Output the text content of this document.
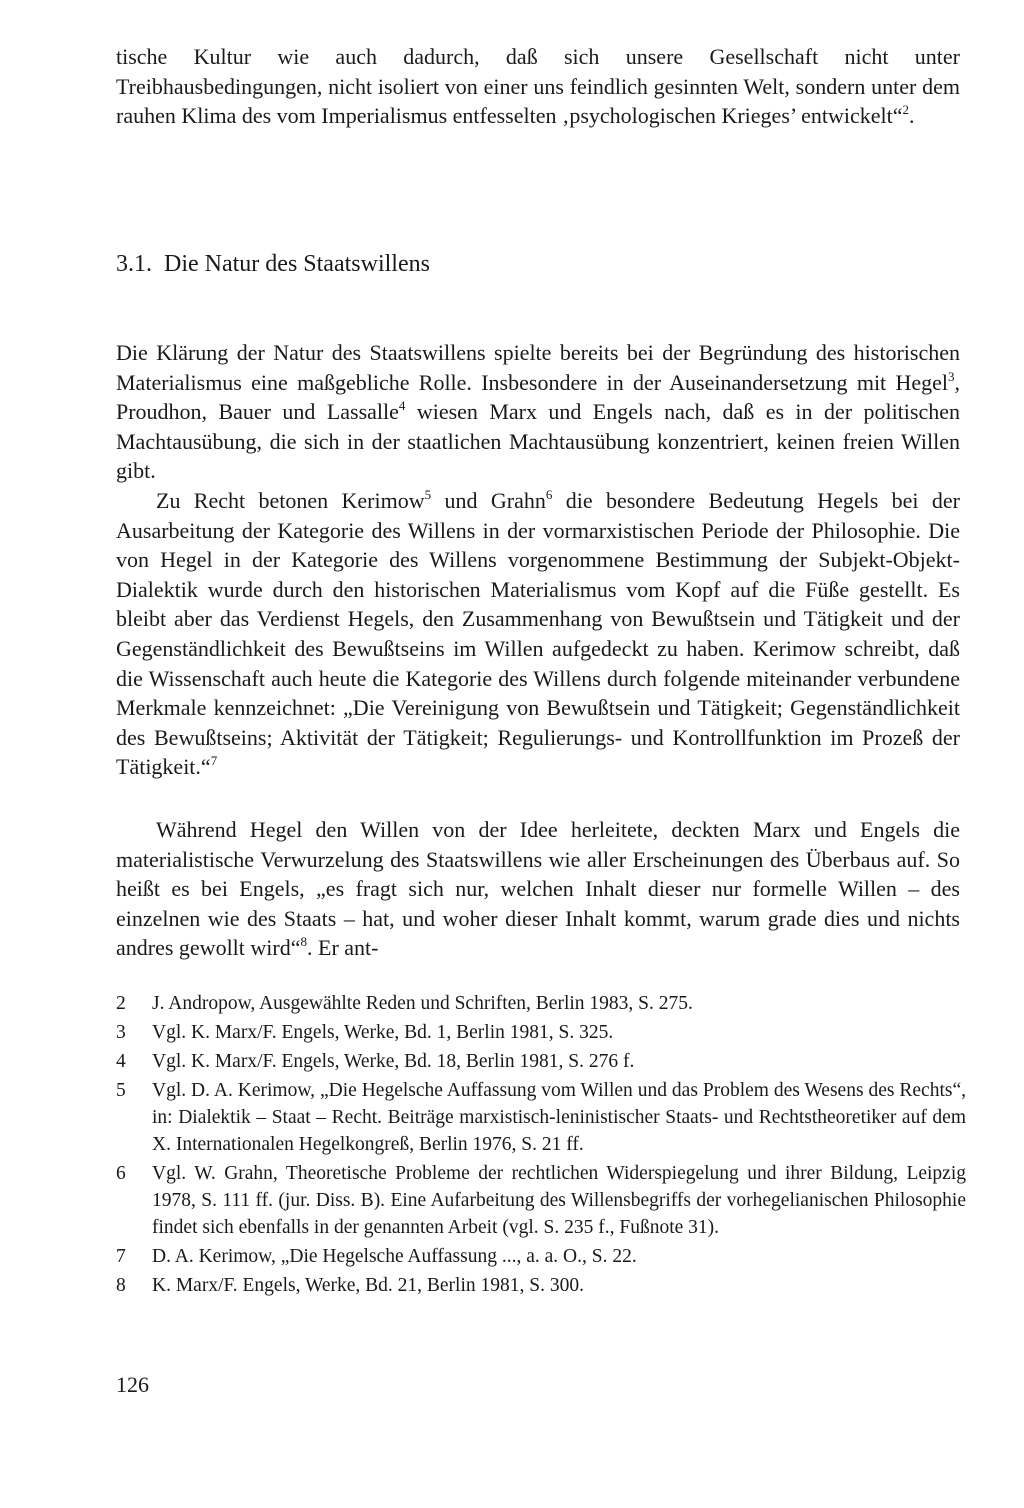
tische Kultur wie auch dadurch, daß sich unsere Gesellschaft nicht unter Treibhausbedingungen, nicht isoliert von einer uns feindlich gesinnten Welt, sondern unter dem rauhen Klima des vom Imperialismus entfesselten ‚psychologischen Krieges’ entwickelt“$^2$.

3.1. Die Natur des Staatswillens

Die Klärung der Natur des Staatswillens spielte bereits bei der Begründung des historischen Materialismus eine maßgebliche Rolle. Insbesondere in der Auseinandersetzung mit Hegel$^3$, Proudhon, Bauer und Lassalle$^4$ wiesen Marx und Engels nach, daß es in der politischen Machtausübung, die sich in der staatlichen Machtausübung konzentriert, keinen freien Willen gibt.

Zu Recht betonen Kerimow$^5$ und Grahn$^6$ die besondere Bedeutung Hegels bei der Ausarbeitung der Kategorie des Willens in der vormarxistischen Periode der Philosophie. Die von Hegel in der Kategorie des Willens vorgenommene Bestimmung der Subjekt-Objekt-Dialektik wurde durch den historischen Materialismus vom Kopf auf die Füße gestellt. Es bleibt aber das Verdienst Hegels, den Zusammenhang von Bewußtsein und Tätigkeit und der Gegenständlichkeit des Bewußtseins im Willen aufgedeckt zu haben. Kerimow schreibt, daß die Wissenschaft auch heute die Kategorie des Willens durch folgende miteinander verbundene Merkmale kennzeichnet: „Die Vereinigung von Bewußtsein und Tätigkeit; Gegenständlichkeit des Bewußtseins; Aktivität der Tätigkeit; Regulierungs- und Kontrollfunktion im Prozeß der Tätigkeit.“$^7$

Während Hegel den Willen von der Idee herleitete, deckten Marx und Engels die materialistische Verwurzelung des Staatswillens wie aller Erscheinungen des Überbaus auf. So heißt es bei Engels, „es fragt sich nur, welchen Inhalt dieser nur formelle Willen – des einzelnen wie des Staats – hat, und woher dieser Inhalt kommt, warum grade dies und nichts andres gewollt wird“$^8$. Er ant-

2 J. Andropow, Ausgewählte Reden und Schriften, Berlin 1983, S. 275.
3 Vgl. K. Marx/F. Engels, Werke, Bd. 1, Berlin 1981, S. 325.
4 Vgl. K. Marx/F. Engels, Werke, Bd. 18, Berlin 1981, S. 276 f.
5 Vgl. D. A. Kerimow, „Die Hegelsche Auffassung vom Willen und das Problem des Wesens des Rechts“, in: Dialektik – Staat – Recht. Beiträge marxistisch-leninistischer Staats- und Rechtstheoretiker auf dem X. Internationalen Hegelkongreß, Berlin 1976, S. 21 ff.
6 Vgl. W. Grahn, Theoretische Probleme der rechtlichen Widerspiegelung und ihrer Bildung, Leipzig 1978, S. 111 ff. (jur. Diss. B). Eine Aufarbeitung des Willensbegriffs der vorhegelianischen Philosophie findet sich ebenfalls in der genannten Arbeit (vgl. S. 235 f., Fußnote 31).
7 D. A. Kerimow, „Die Hegelsche Auffassung ..., a. a. O., S. 22.
8 K. Marx/F. Engels, Werke, Bd. 21, Berlin 1981, S. 300.
126
